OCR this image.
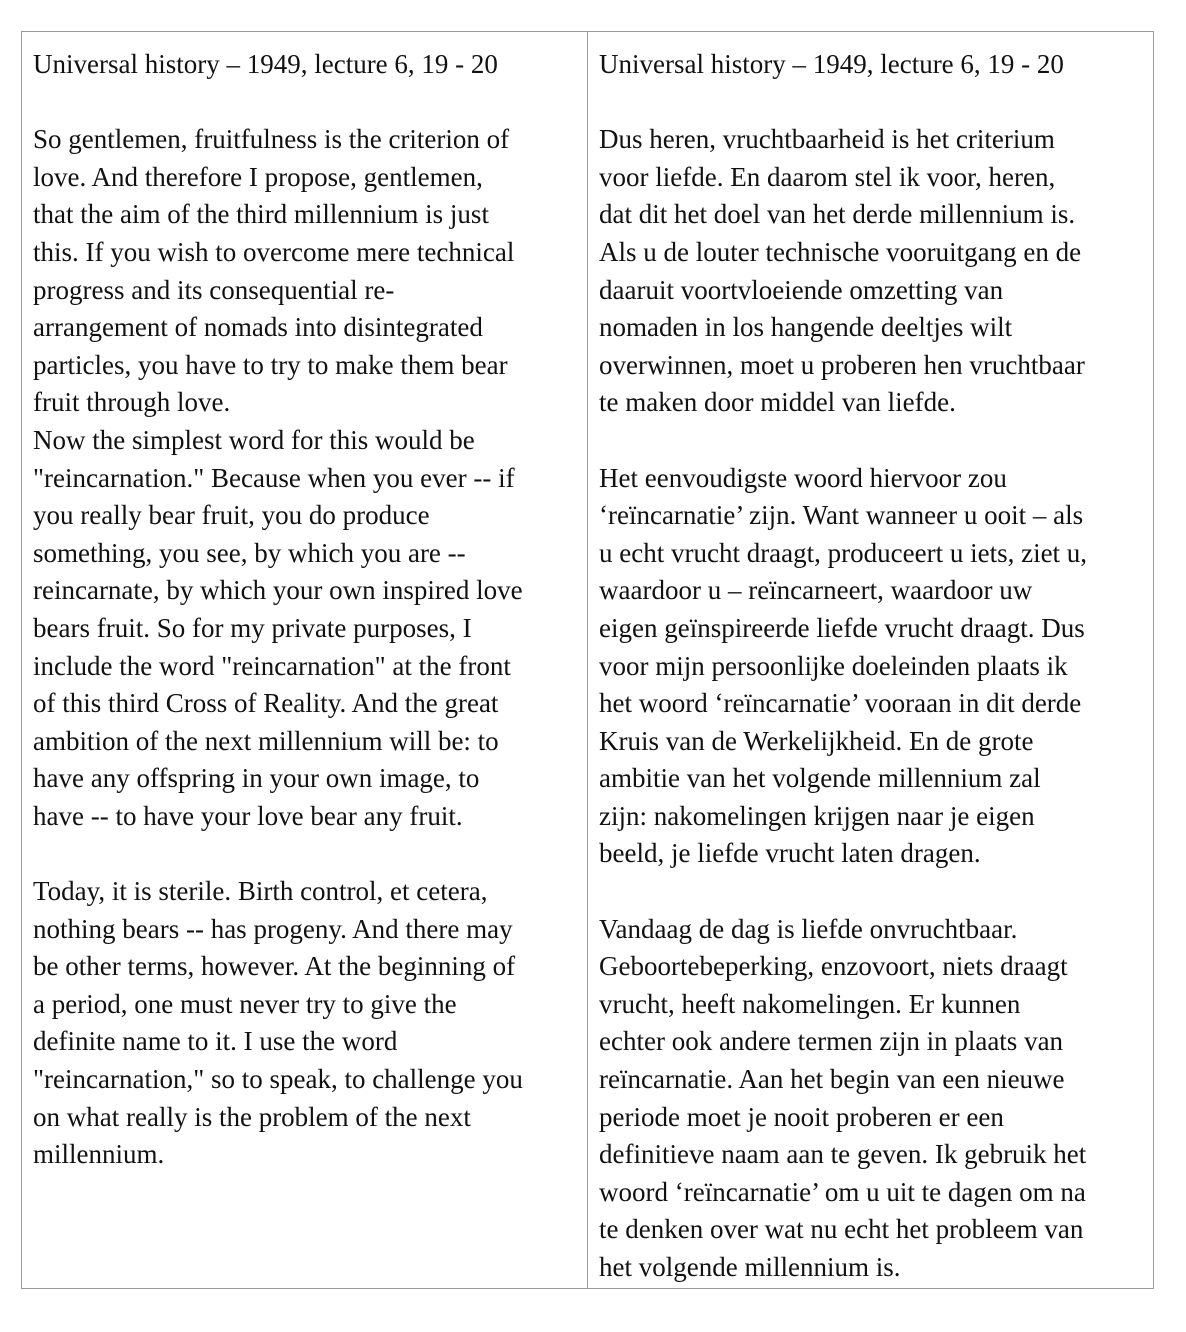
Universal history – 1949, lecture 6, 19 - 20

So gentlemen, fruitfulness is the criterion of
love. And therefore I propose, gentlemen,
that the aim of the third millennium is just
this. If you wish to overcome mere technical
progress and its consequential re-
arrangement of nomads into disintegrated
particles, you have to try to make them bear
fruit through love.
Now the simplest word for this would be
"reincarnation." Because when you ever -- if
you really bear fruit, you do produce
something, you see, by which you are --
reincarnate, by which your own inspired love
bears fruit. So for my private purposes, I
include the word "reincarnation" at the front
of this third Cross of Reality. And the great
ambition of the next millennium will be: to
have any offspring in your own image, to
have -- to have your love bear any fruit.
Today, it is sterile. Birth control, et cetera,
nothing bears -- has progeny. And there may
be other terms, however. At the beginning of
a period, one must never try to give the
definite name to it. I use the word
"reincarnation," so to speak, to challenge you
on what really is the problem of the next
millennium.

Universal history – 1949, lecture 6, 19 - 20

Dus heren, vruchtbaarheid is het criterium
voor liefde. En daarom stel ik voor, heren,
dat dit het doel van het derde millennium is.
Als u de louter technische vooruitgang en de
daaruit voortvloeiende omzetting van
nomaden in los hangende deeltjes wilt
overwinnen, moet u proberen hen vruchtbaar
te maken door middel van liefde.
Het eenvoudigste woord hiervoor zou
‘reïncarnatie’ zijn. Want wanneer u ooit – als
u echt vrucht draagt, produceert u iets, ziet u,
waardoor u – reïncarneert, waardoor uw
eigen geïnspireerde liefde vrucht draagt. Dus
voor mijn persoonlijke doeleinden plaats ik
het woord ‘reïncarnatie’ vooraan in dit derde
Kruis van de Werkelijkheid. En de grote
ambitie van het volgende millennium zal
zijn: nakomelingen krijgen naar je eigen
beeld, je liefde vrucht laten dragen.
Vandaag de dag is liefde onvruchtbaar.
Geboortebeperking, enzovoort, niets draagt
vrucht, heeft nakomelingen. Er kunnen
echter ook andere termen zijn in plaats van
reïncarnatie. Aan het begin van een nieuwe
periode moet je nooit proberen er een
definitieve naam aan te geven. Ik gebruik het
woord ‘reïncarnatie’ om u uit te dagen om na
te denken over wat nu echt het probleem van
het volgende millennium is.
